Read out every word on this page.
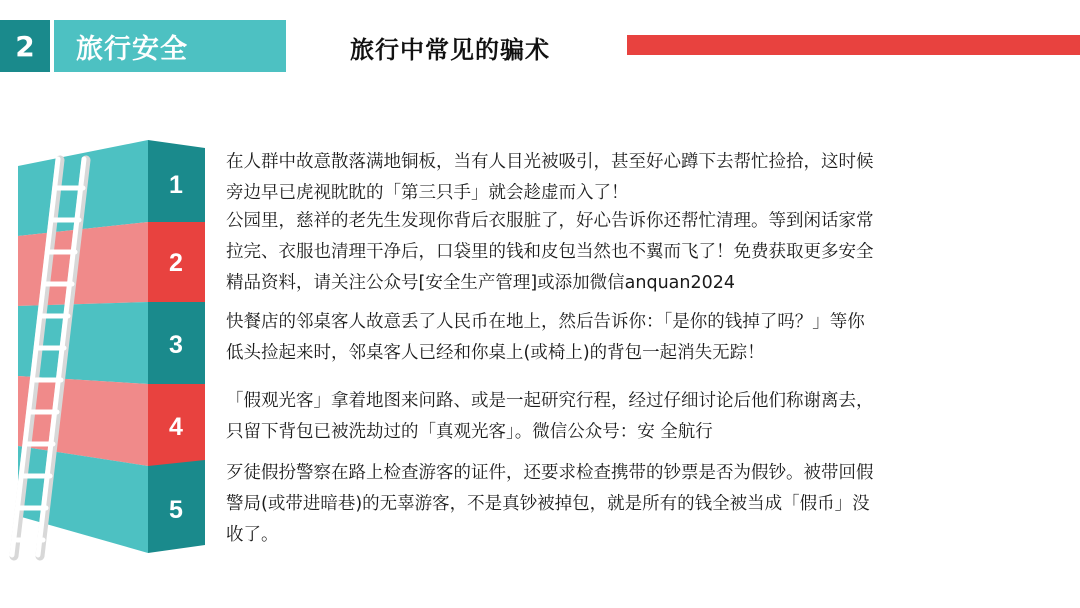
2	旅行安全	旅行中常见的骗术
1
2
3
4
5
在人群中故意散落满地铜板，当有人目光被吸引，甚至好心蹲下去帮忙捡拾，这时候
旁边早已虎视眈眈的「第三只手」就会趁虚而入了！
公园里，慈祥的老先生发现你背后衣服脏了，好心告诉你还帮忙清理。等到闲话家常
拉完、衣服也清理干净后，口袋里的钱和皮包当然也不翼而飞了！免费获取更多安全
精品资料，请关注公众号[安全生产管理]或添加微信anquan2024
快餐店的邻桌客人故意丢了人民币在地上，然后告诉你：「是你的钱掉了吗？」等你
低头捡起来时，邻桌客人已经和你桌上(或椅上)的背包一起消失无踪！
「假观光客」拿着地图来问路、或是一起研究行程，经过仔细讨论后他们称谢离去，
只留下背包已被洗劫过的「真观光客」。微信公众号：安 全航行
歹徒假扮警察在路上检查游客的证件，还要求检查携带的钞票是否为假钞。被带回假
警局(或带进暗巷)的无辜游客，不是真钞被掉包，就是所有的钱全被当成「假币」没
收了。
